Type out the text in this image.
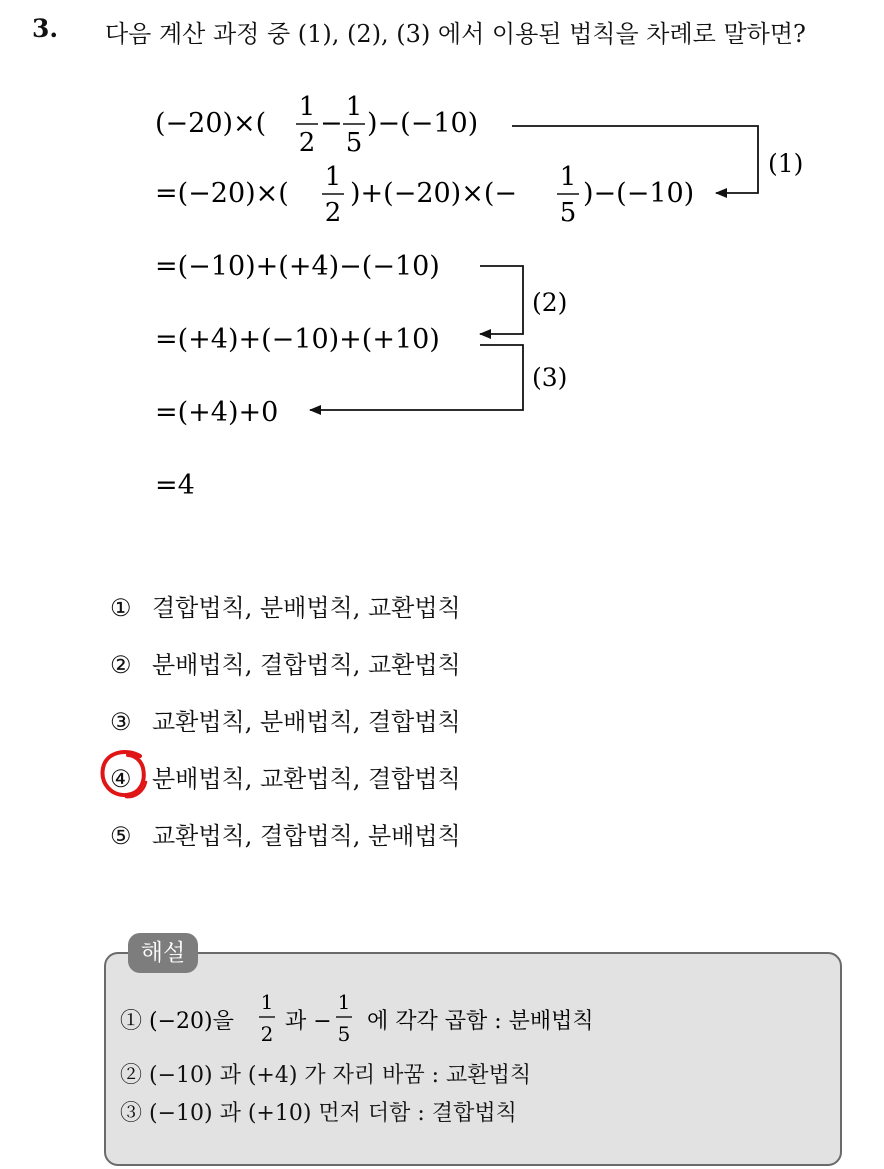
3. 다음 계산 과정 중 (1), (2), (3) 에서 이용된 법칙을 차례로 말하면?
(−20)×(
1
2
−
1
5
)−(−10)
=(−20)×(
1
2
)+(−20)×(−
1
5
)−(−10)
=(−10)+(+4)−(−10)
=(+4)+(−10)+(+10)
=(+4)+0
=4
(1)
(2)
(3)
① 결합법칙, 분배법칙, 교환법칙
② 분배법칙, 결합법칙, 교환법칙
③ 교환법칙, 분배법칙, 결합법칙
④ 분배법칙, 교환법칙, 결합법칙
⑤ 교환법칙, 결합법칙, 분배법칙
해설
① (−20)을
1
2 과 −
1
5 에 각각 곱함 : 분배법칙
② (−10) 과 (+4) 가 자리 바꿈 : 교환법칙
③ (−10) 과 (+10) 먼저 더함 : 결합법칙
